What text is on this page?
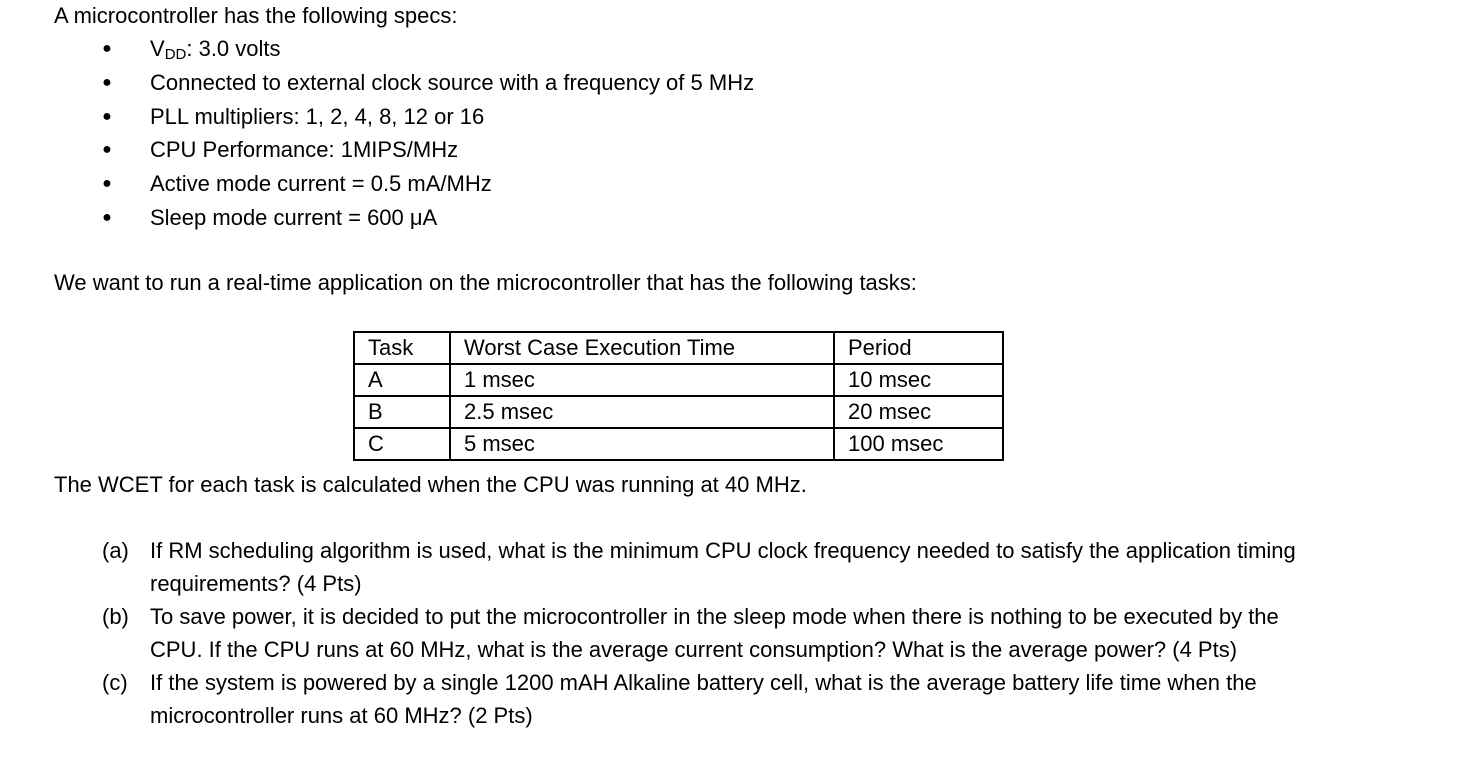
A microcontroller has the following specs:

● $V_{DD}$: 3.0 volts
● Connected to external clock source with a frequency of 5 MHz
● PLL multipliers: 1, 2, 4, 8, 12 or 16
● CPU Performance: 1MIPS/MHz
● Active mode current = 0.5 mA/MHz
● Sleep mode current = 600 μA

We want to run a real-time application on the microcontroller that has the following tasks:

Task	Worst Case Execution Time	Period
A	1 msec	10 msec
B	2.5 msec	20 msec
C	5 msec	100 msec

The WCET for each task is calculated when the CPU was running at 40 MHz.

(a) If RM scheduling algorithm is used, what is the minimum CPU clock frequency needed to satisfy the application timing requirements? (4 Pts)
(b) To save power, it is decided to put the microcontroller in the sleep mode when there is nothing to be executed by the CPU. If the CPU runs at 60 MHz, what is the average current consumption? What is the average power? (4 Pts)
(c) If the system is powered by a single 1200 mAH Alkaline battery cell, what is the average battery life time when the microcontroller runs at 60 MHz? (2 Pts)
